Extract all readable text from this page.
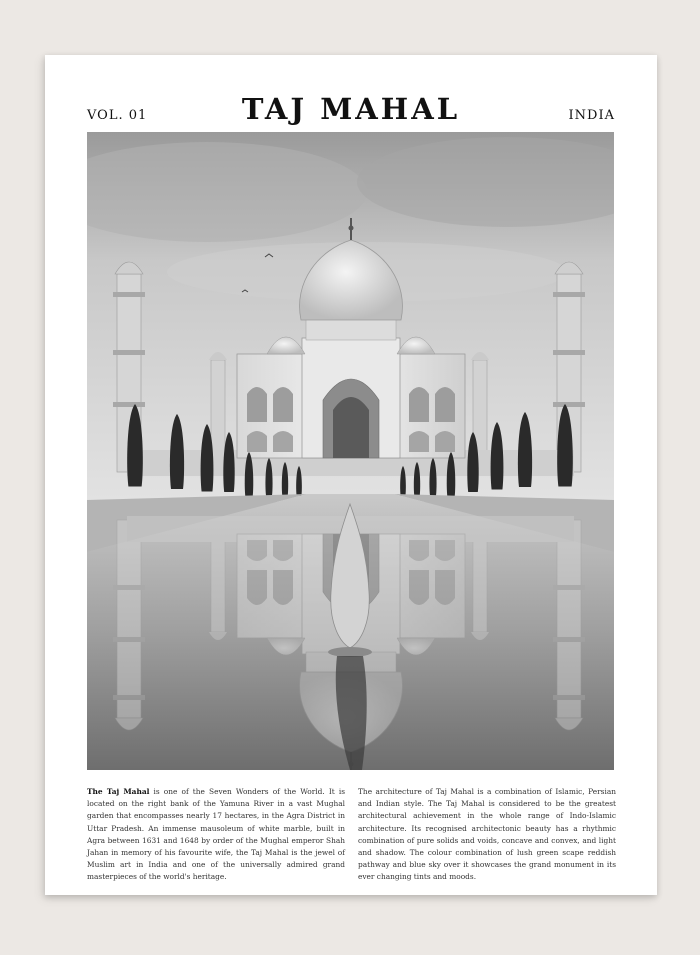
VOL. 01	TAJ MAHAL	INDIA
The Taj Mahal is one of the Seven Wonders of the World. It is located on the right bank of the Yamuna River in a vast Mughal garden that encompasses nearly 17 hectares, in the Agra District in Uttar Pradesh. An immense mausoleum of white marble, built in Agra between 1631 and 1648 by order of the Mughal emperor Shah Jahan in memory of his favourite wife, the Taj Mahal is the jewel of Muslim art in India and one of the universally admired grand masterpieces of the world's heritage.
The architecture of Taj Mahal is a combination of Islamic, Persian and Indian style. The Taj Mahal is considered to be the greatest architectural achievement in the whole range of Indo-Islamic architecture. Its recognised architectonic beauty has a rhythmic combination of pure solids and voids, concave and convex, and light and shadow. The colour combination of lush green scape reddish pathway and blue sky over it showcases the grand monument in its ever changing tints and moods.
